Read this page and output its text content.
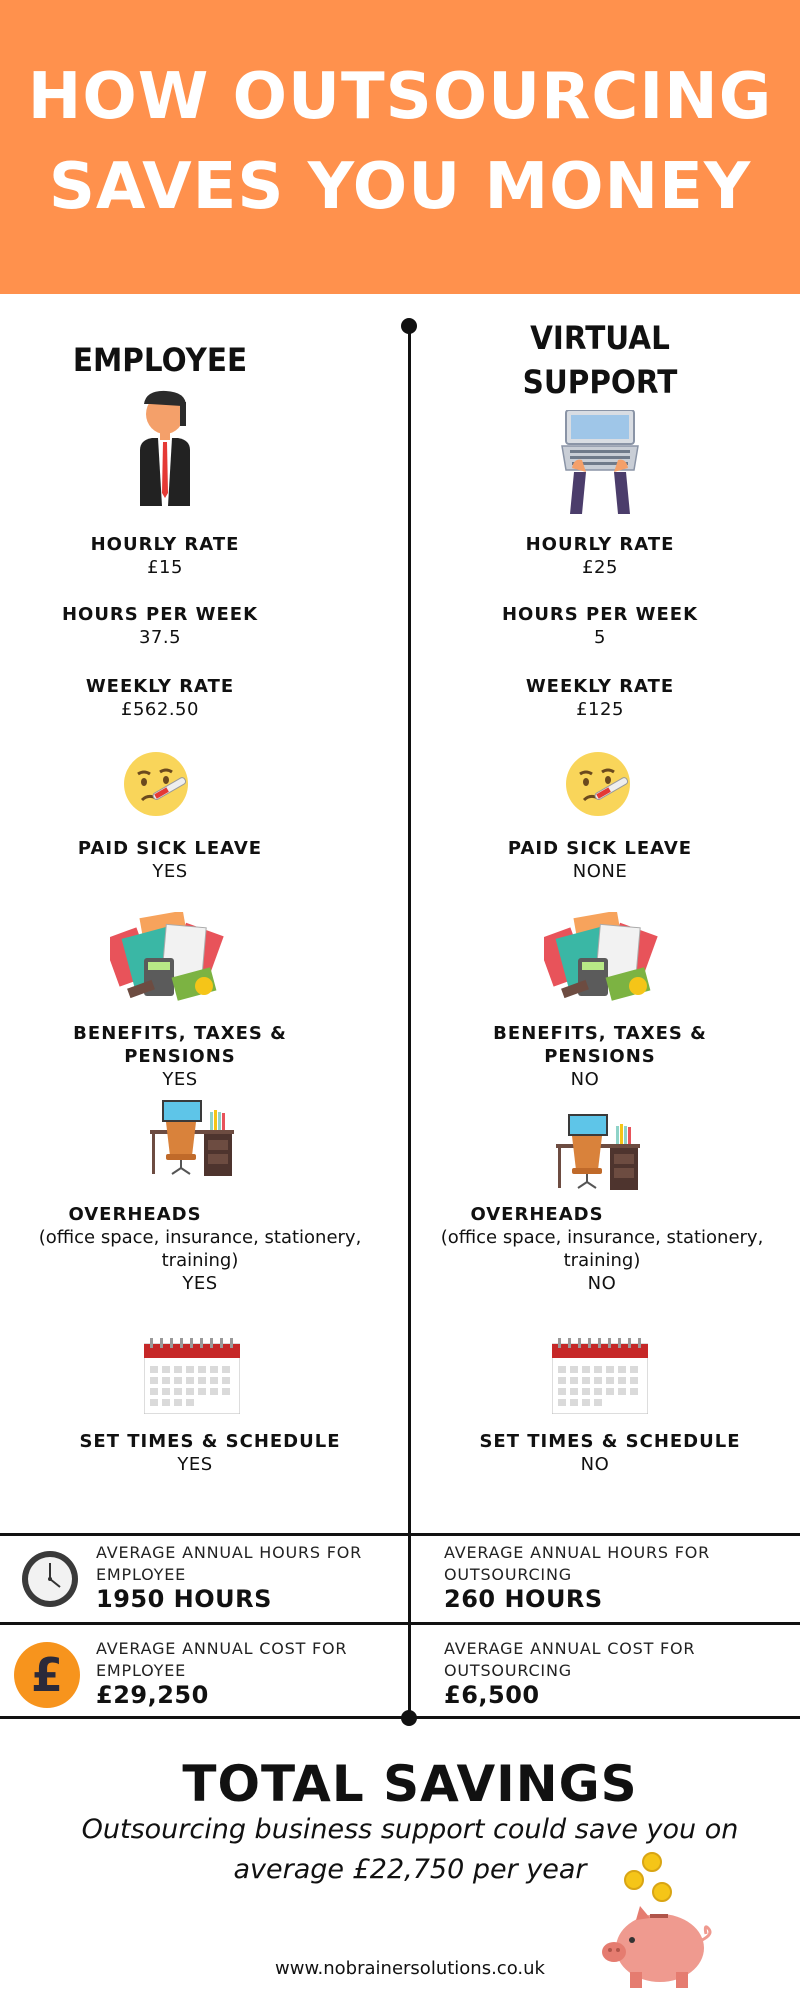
HOW OUTSOURCING
SAVES YOU MONEY
EMPLOYEE
VIRTUAL
SUPPORT
HOURLY RATE
£15
HOURS PER WEEK
37.5
WEEKLY RATE
£562.50
PAID SICK LEAVE
YES
BENEFITS, TAXES & PENSIONS
YES
OVERHEADS
(office space, insurance, stationery, training)
YES
SET TIMES & SCHEDULE
YES
HOURLY RATE
£25
HOURS PER WEEK
5
WEEKLY RATE
£125
PAID SICK LEAVE
NONE
BENEFITS, TAXES & PENSIONS
NO
OVERHEADS
(office space, insurance, stationery, training)
NO
SET TIMES & SCHEDULE
NO
AVERAGE ANNUAL HOURS FOR EMPLOYEE
1950 HOURS
AVERAGE ANNUAL HOURS FOR OUTSOURCING
260 HOURS
£	AVERAGE ANNUAL COST FOR EMPLOYEE
£29,250
AVERAGE ANNUAL COST FOR OUTSOURCING
£6,500
TOTAL SAVINGS
Outsourcing business support could save you on average £22,750 per year
www.nobrainersolutions.co.uk
